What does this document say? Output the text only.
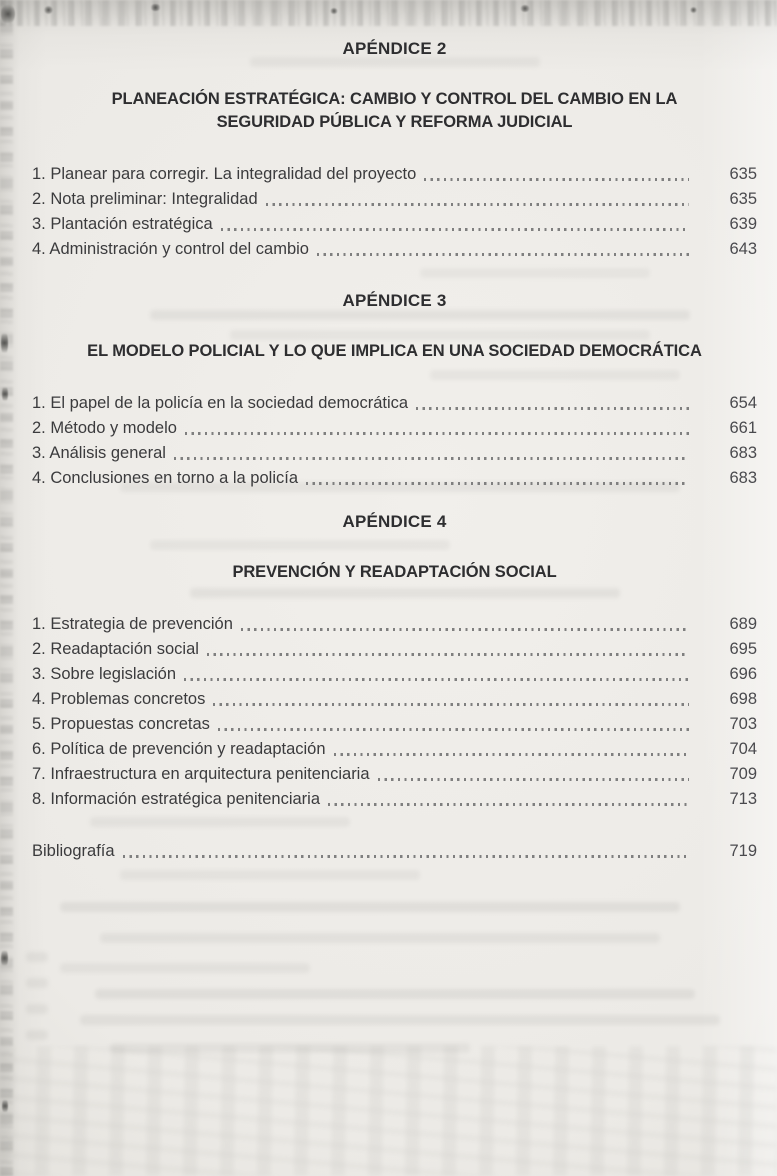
APÉNDICE 2
PLANEACIÓN ESTRATÉGICA: CAMBIO Y CONTROL DEL CAMBIO EN LA
SEGURIDAD PÚBLICA Y REFORMA JUDICIAL
1. Planear para corregir. La integralidad del proyecto	635
2. Nota preliminar: Integralidad	635
3. Plantación estratégica	639
4. Administración y control del cambio	643
APÉNDICE 3
EL MODELO POLICIAL Y LO QUE IMPLICA EN UNA SOCIEDAD DEMOCRÁTICA
1. El papel de la policía en la sociedad democrática	654
2. Método y modelo	661
3. Análisis general	683
4. Conclusiones en torno a la policía	683
APÉNDICE 4
PREVENCIÓN Y READAPTACIÓN SOCIAL
1. Estrategia de prevención	689
2. Readaptación social	695
3. Sobre legislación	696
4. Problemas concretos	698
5. Propuestas concretas	703
6. Política de prevención y readaptación	704
7. Infraestructura en arquitectura penitenciaria	709
8. Información estratégica penitenciaria	713
Bibliografía	719
